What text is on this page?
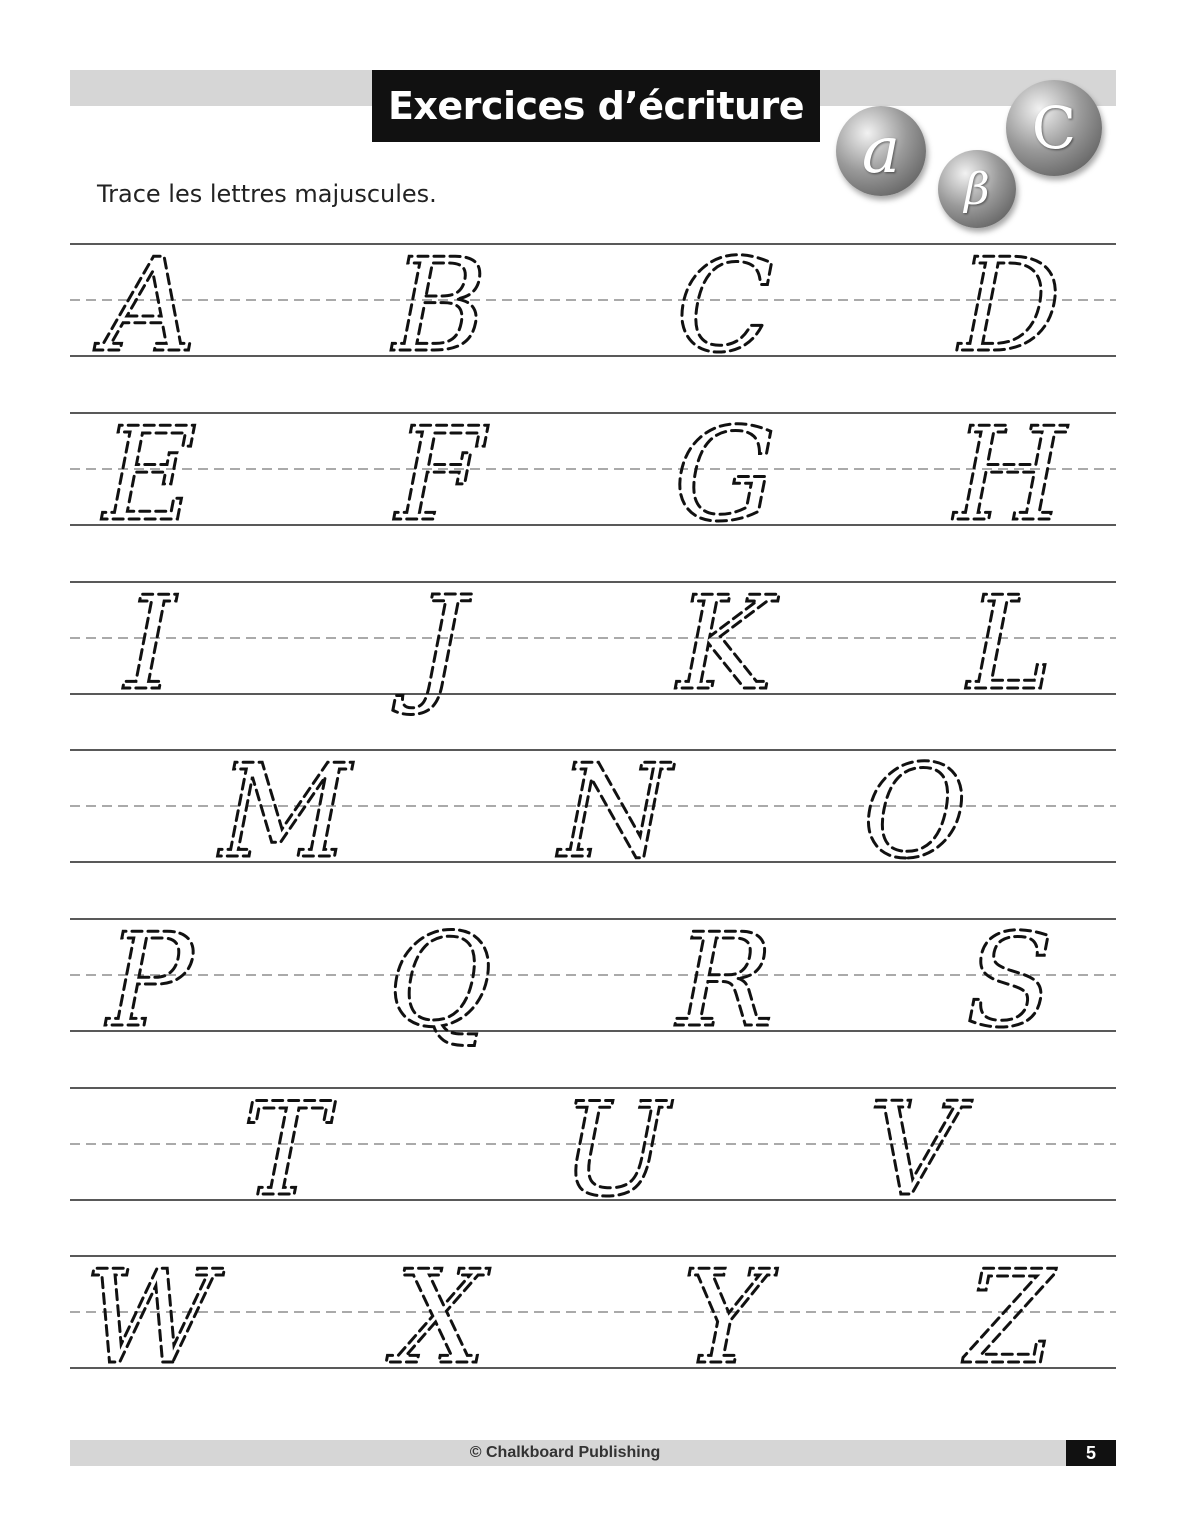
Exercices d’écriture
a
β
C
Trace les lettres majuscules.
A B C D
E F G H
I J K L
M N O
P Q R S
T U V
W X Y Z
© Chalkboard Publishing	5
